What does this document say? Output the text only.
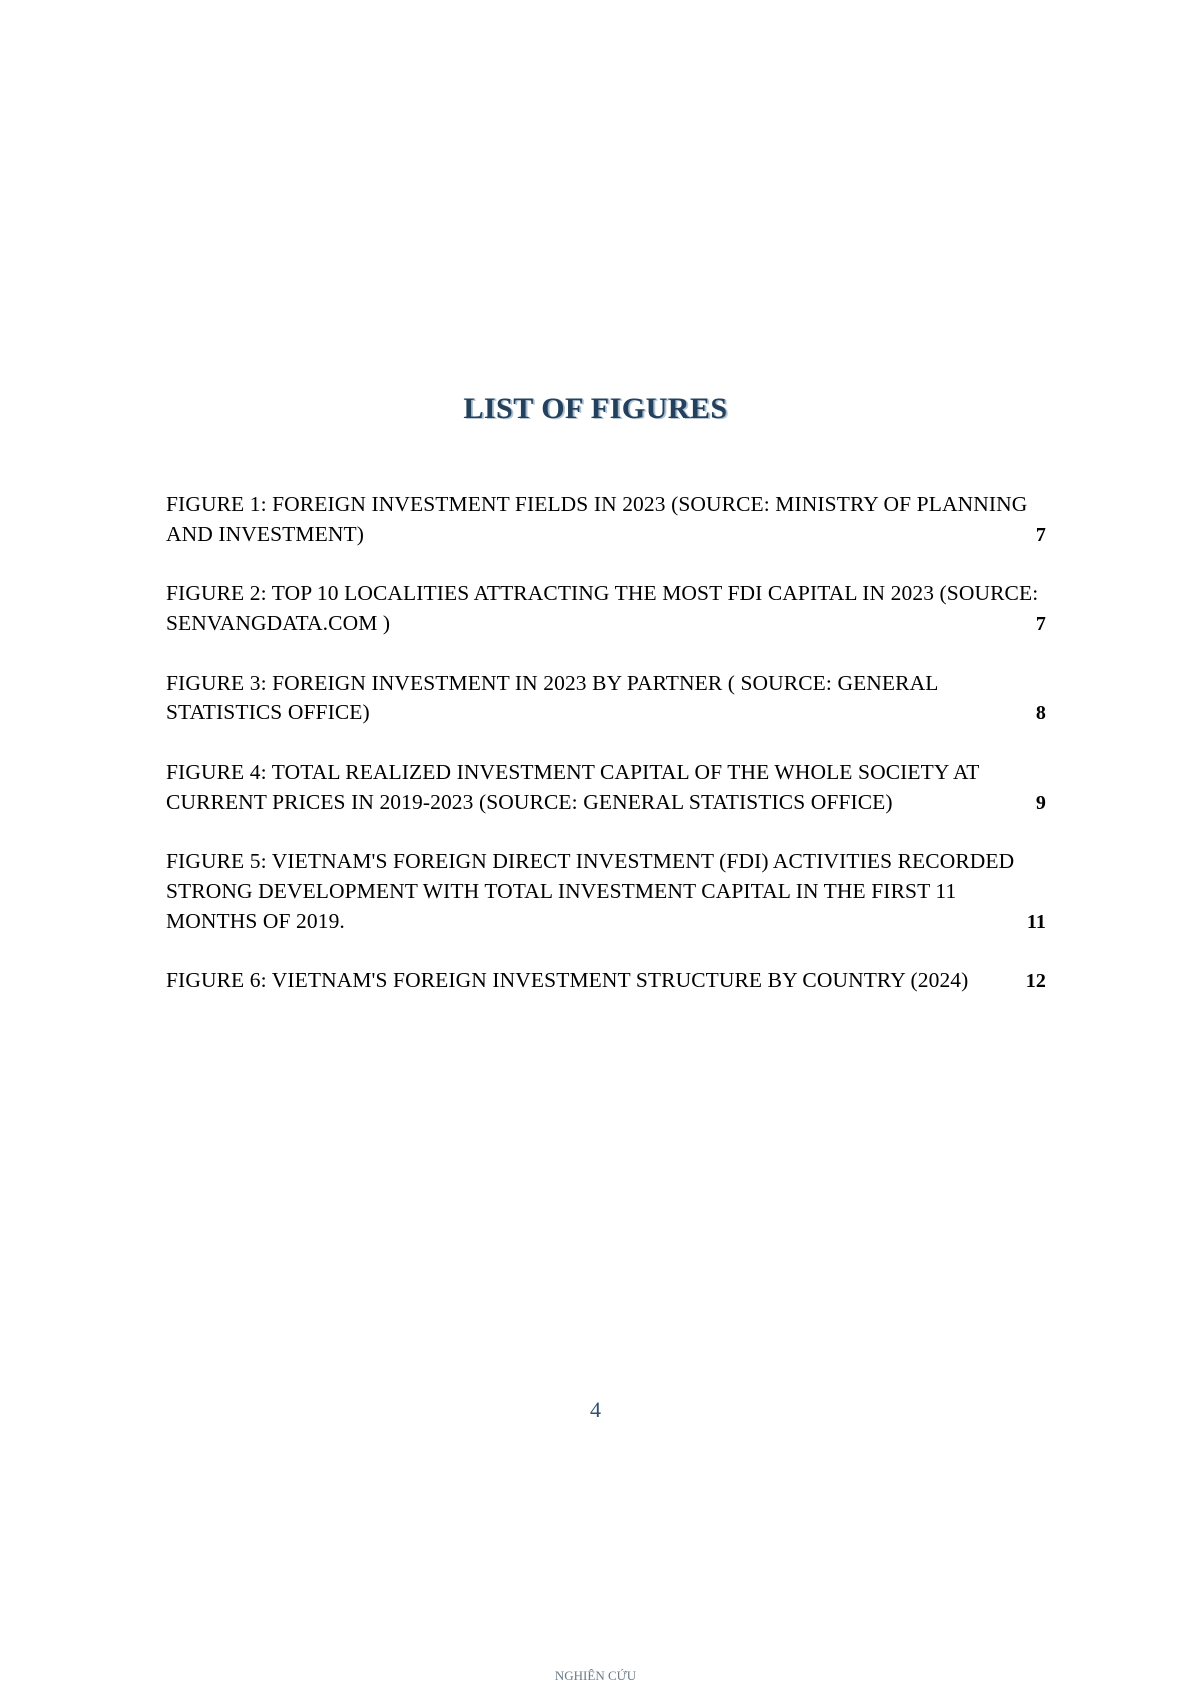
LIST OF FIGURES
FIGURE 1: FOREIGN INVESTMENT FIELDS IN 2023 (SOURCE: MINISTRY OF PLANNING AND INVESTMENT)	7
FIGURE 2: TOP 10 LOCALITIES ATTRACTING THE MOST FDI CAPITAL IN 2023 (SOURCE: SENVANGDATA.COM )	7
FIGURE 3: FOREIGN INVESTMENT IN 2023 BY PARTNER ( SOURCE: GENERAL STATISTICS OFFICE)	8
FIGURE 4: TOTAL REALIZED INVESTMENT CAPITAL OF THE WHOLE SOCIETY AT CURRENT PRICES IN 2019-2023 (SOURCE: GENERAL STATISTICS OFFICE)	9
FIGURE 5: VIETNAM'S FOREIGN DIRECT INVESTMENT (FDI) ACTIVITIES RECORDED STRONG DEVELOPMENT WITH TOTAL INVESTMENT CAPITAL IN THE FIRST 11 MONTHS OF 2019.	11
FIGURE 6: VIETNAM'S FOREIGN INVESTMENT STRUCTURE BY COUNTRY (2024)	12
4
NGHIÊN CỨU
